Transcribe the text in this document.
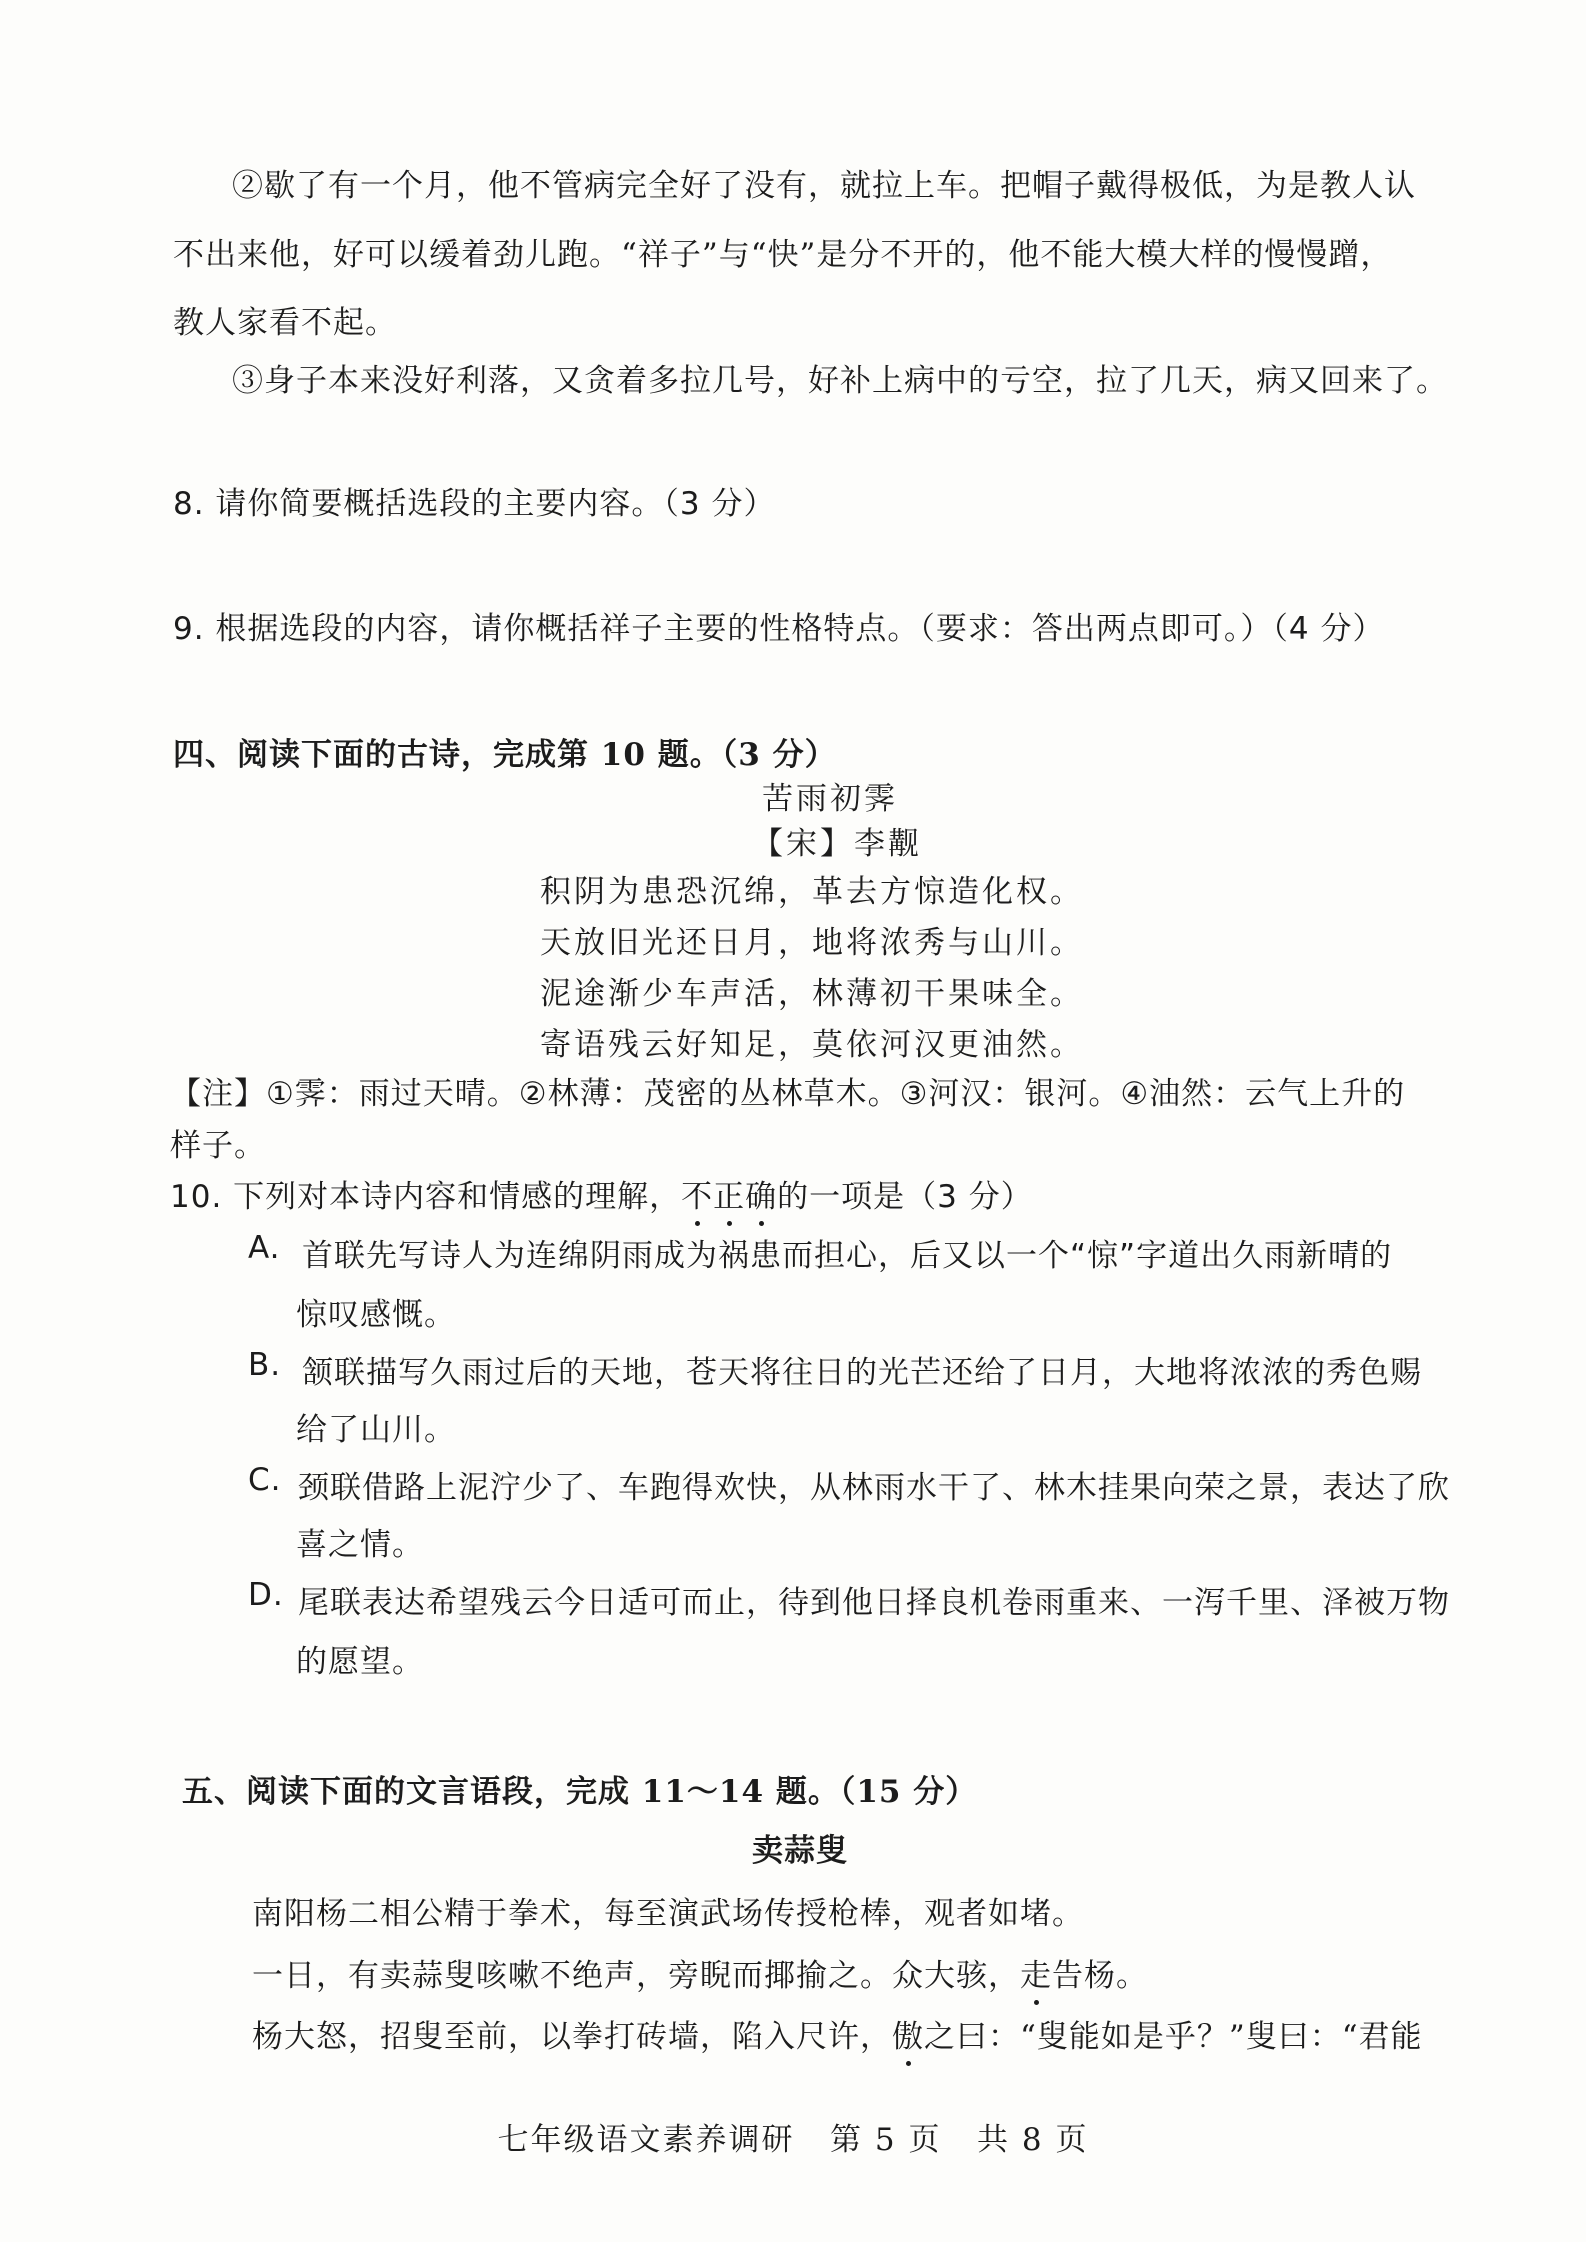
②歇了有一个月，他不管病完全好了没有，就拉上车。把帽子戴得极低，为是教人认
不出来他，好可以缓着劲儿跑。“祥子”与“快”是分不开的，他不能大模大样的慢慢蹭，
教人家看不起。
③身子本来没好利落，又贪着多拉几号，好补上病中的亏空，拉了几天，病又回来了。
8. 请你简要概括选段的主要内容。（3 分）
9. 根据选段的内容，请你概括祥子主要的性格特点。（要求：答出两点即可。）（4 分）
四、阅读下面的古诗，完成第 10 题。（3 分）
苦雨初霁
【宋】李觏
积阴为患恐沉绵，革去方惊造化权。
天放旧光还日月，地将浓秀与山川。
泥途渐少车声活，林薄初干果味全。
寄语残云好知足，莫依河汉更油然。
【注】①霁：雨过天晴。②林薄：茂密的丛林草木。③河汉：银河。④油然：云气上升的
样子。
10. 下列对本诗内容和情感的理解，不正确的一项是（3 分）
A. 首联先写诗人为连绵阴雨成为祸患而担心，后又以一个“惊”字道出久雨新晴的
惊叹感慨。
B. 颔联描写久雨过后的天地，苍天将往日的光芒还给了日月，大地将浓浓的秀色赐
给了山川。
C. 颈联借路上泥泞少了、车跑得欢快，从林雨水干了、林木挂果向荣之景，表达了欣
喜之情。
D. 尾联表达希望残云今日适可而止，待到他日择良机卷雨重来、一泻千里、泽被万物
的愿望。
五、阅读下面的文言语段，完成 11～14 题。（15 分）
卖蒜叟
南阳杨二相公精于拳术，每至演武场传授枪棒，观者如堵。
一日，有卖蒜叟咳嗽不绝声，旁睨而揶揄之。众大骇，走告杨。
杨大怒，招叟至前，以拳打砖墙，陷入尺许，傲之曰：“叟能如是乎？”叟曰：“君能
七年级语文素养调研   第 5 页   共 8 页
